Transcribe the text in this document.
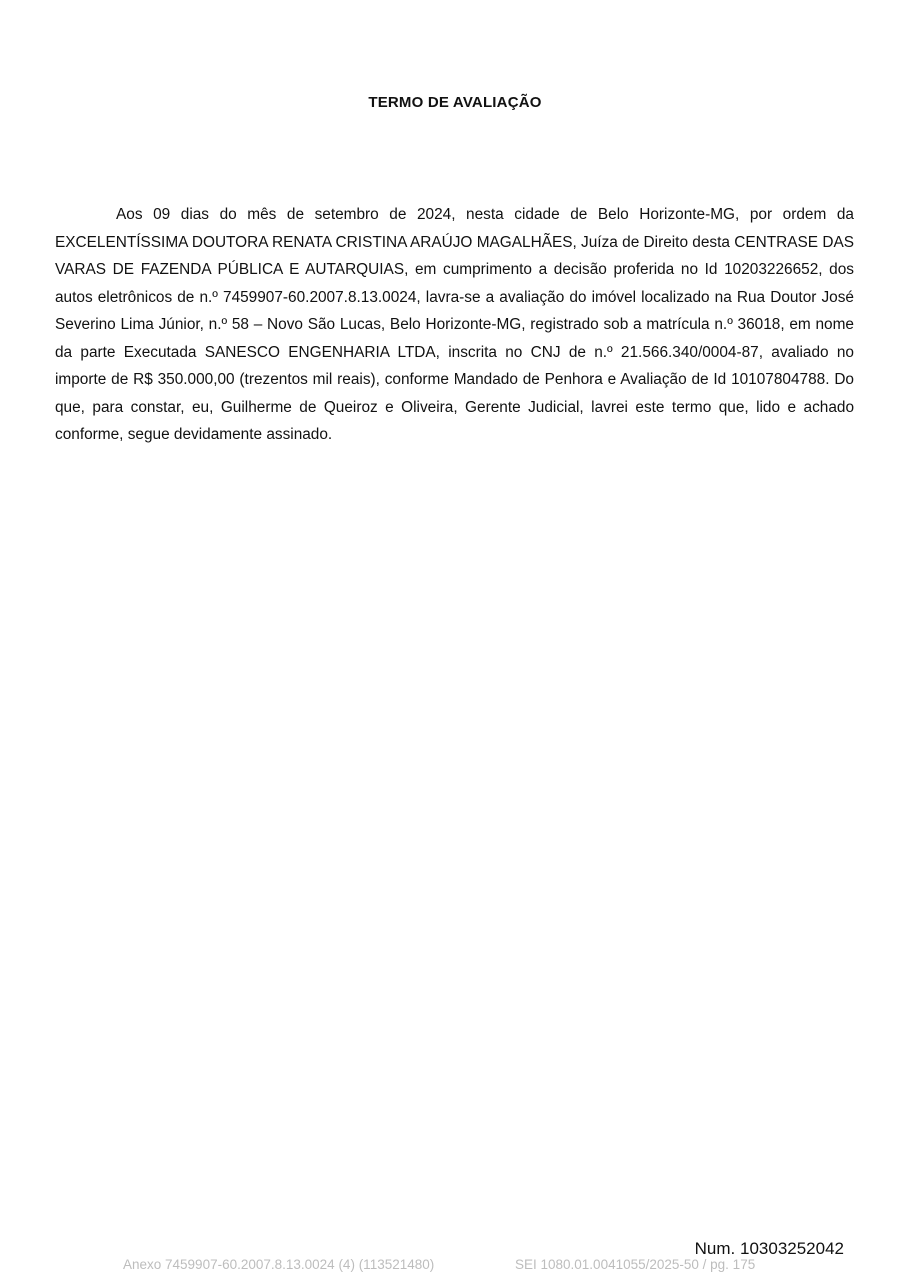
TERMO DE AVALIAÇÃO

Aos 09 dias do mês de setembro de 2024, nesta cidade de Belo Horizonte-MG, por ordem da EXCELENTÍSSIMA DOUTORA RENATA CRISTINA ARAÚJO MAGALHÃES, Juíza de Direito desta CENTRASE DAS VARAS DE FAZENDA PÚBLICA E AUTARQUIAS, em cumprimento a decisão proferida no Id 10203226652, dos autos eletrônicos de n.º 7459907-60.2007.8.13.0024, lavra-se a avaliação do imóvel localizado na Rua Doutor José Severino Lima Júnior, n.º 58 – Novo São Lucas, Belo Horizonte-MG, registrado sob a matrícula n.º 36018, em nome da parte Executada SANESCO ENGENHARIA LTDA, inscrita no CNJ de n.º 21.566.340/0004-87, avaliado no importe de R$ 350.000,00 (trezentos mil reais), conforme Mandado de Penhora e Avaliação de Id 10107804788. Do que, para constar, eu, Guilherme de Queiroz e Oliveira, Gerente Judicial, lavrei este termo que, lido e achado conforme, segue devidamente assinado.

Num. 10303252042
Anexo 7459907-60.2007.8.13.0024 (4) (113521480)	SEI 1080.01.0041055/2025-50 / pg. 175
